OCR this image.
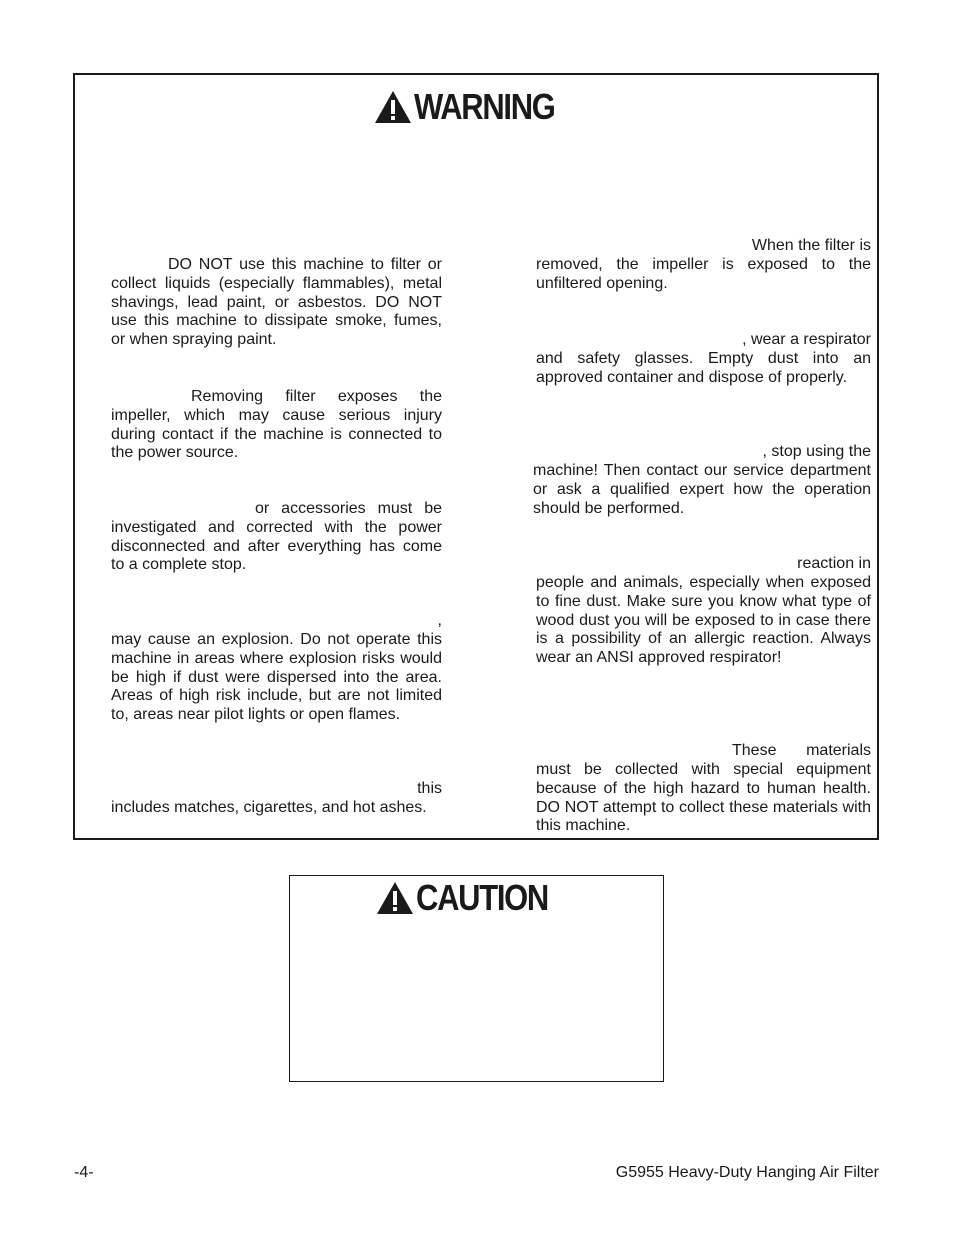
WARNING

DO NOT use this machine to filter or collect liquids (especially flammables), metal shavings, lead paint, or asbestos. DO NOT use this machine to dissipate smoke, fumes, or when spraying paint.

Removing filter exposes the impeller, which may cause serious injury during contact if the machine is connected to the power source.

or accessories must be investigated and corrected with the power disconnected and after everything has come to a complete stop.

,

may cause an explosion. Do not operate this machine in areas where explosion risks would be high if dust were dispersed into the area. Areas of high risk include, but are not limited to, areas near pilot lights or open flames.

this

includes matches, cigarettes, and hot ashes.

When the filter is

removed, the impeller is exposed to the unfiltered opening.

, wear a respirator

and safety glasses. Empty dust into an approved container and dispose of properly.

, stop using the

machine! Then contact our service department or ask a qualified expert how the operation should be performed.

reaction in

people and animals, especially when exposed to fine dust. Make sure you know what type of wood dust you will be exposed to in case there is a possibility of an allergic reaction. Always wear an ANSI approved respirator!

These materials

must be collected with special equipment because of the high hazard to human health. DO NOT attempt to collect these materials with this machine.

CAUTION
-4-	G5955 Heavy-Duty Hanging Air Filter
